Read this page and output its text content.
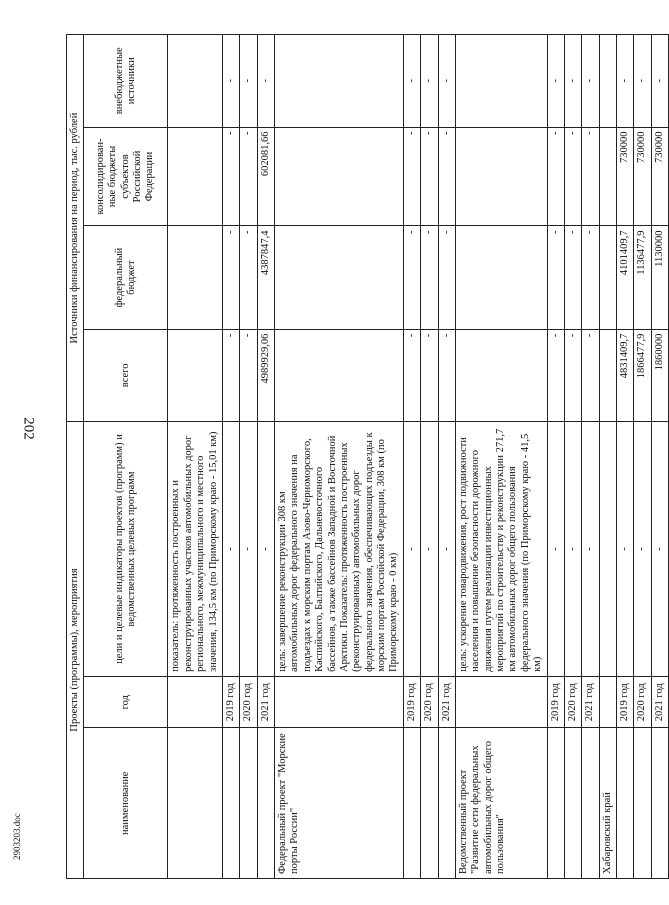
202
2903203.doc
Проекты (программы), мероприятия			Источники финансирования на период, тыс. рублей			
наименование	год	цели и целевые индикаторы проектов (программ) и ведомственных целевых программ	всего	федеральный бюджет	консолидирован-ные бюджеты субъектов Российской Федерации	внебюджетные источники
		показатель: протяженность построенных и реконструированных участков автомобильных дорог регионального, межмуниципального и местного значения, 134,5 км (по Приморскому краю - 15,01 км)				
	2019 год	-	-	-	-	-
	2020 год	-	-	-	-	-
	2021 год	-	4989929,06	4387847,4	602081,66	-
Федеральный проект "Морские порты России"		цель: завершение реконструкции 308 км автомобильных дорог федерального значения на подъездах к морским портам Азово-Черноморского, Каспийского, Балтийского, Дальневосточного бассейнов, а также бассейнов Западной и Восточной Арктики. Показатель: протяженность построенных (реконструированных) автомобильных дорог федерального значения, обеспечивающих подъезды к морским портам Российской Федерации, 308 км (по Приморскому краю - 0 км)				
	2019 год	-	-	-	-	-
	2020 год	-	-	-	-	-
	2021 год	-	-	-	-	-
Ведомственный проект "Развитие сети федеральных автомобильных дорог общего пользования"		цель: ускорение товародвижения, рост подвижности населения и повышение безопасности дорожного движения путем реализации инвестиционных мероприятий по строительству и реконструкции 271,7 км автомобильных дорог общего пользования федерального значения (по Приморскому краю - 41,5 км)				
	2019 год	-	-	-	-	-
	2020 год	-	-	-	-	-
	2021 год	-	-	-	-	-
Хабаровский край						
	2019 год	-	4831409,7	4101409,7	730000	-
	2020 год	-	1866477,9	1136477,9	730000	-
	2021 год	-	1860000	1130000	730000	-
